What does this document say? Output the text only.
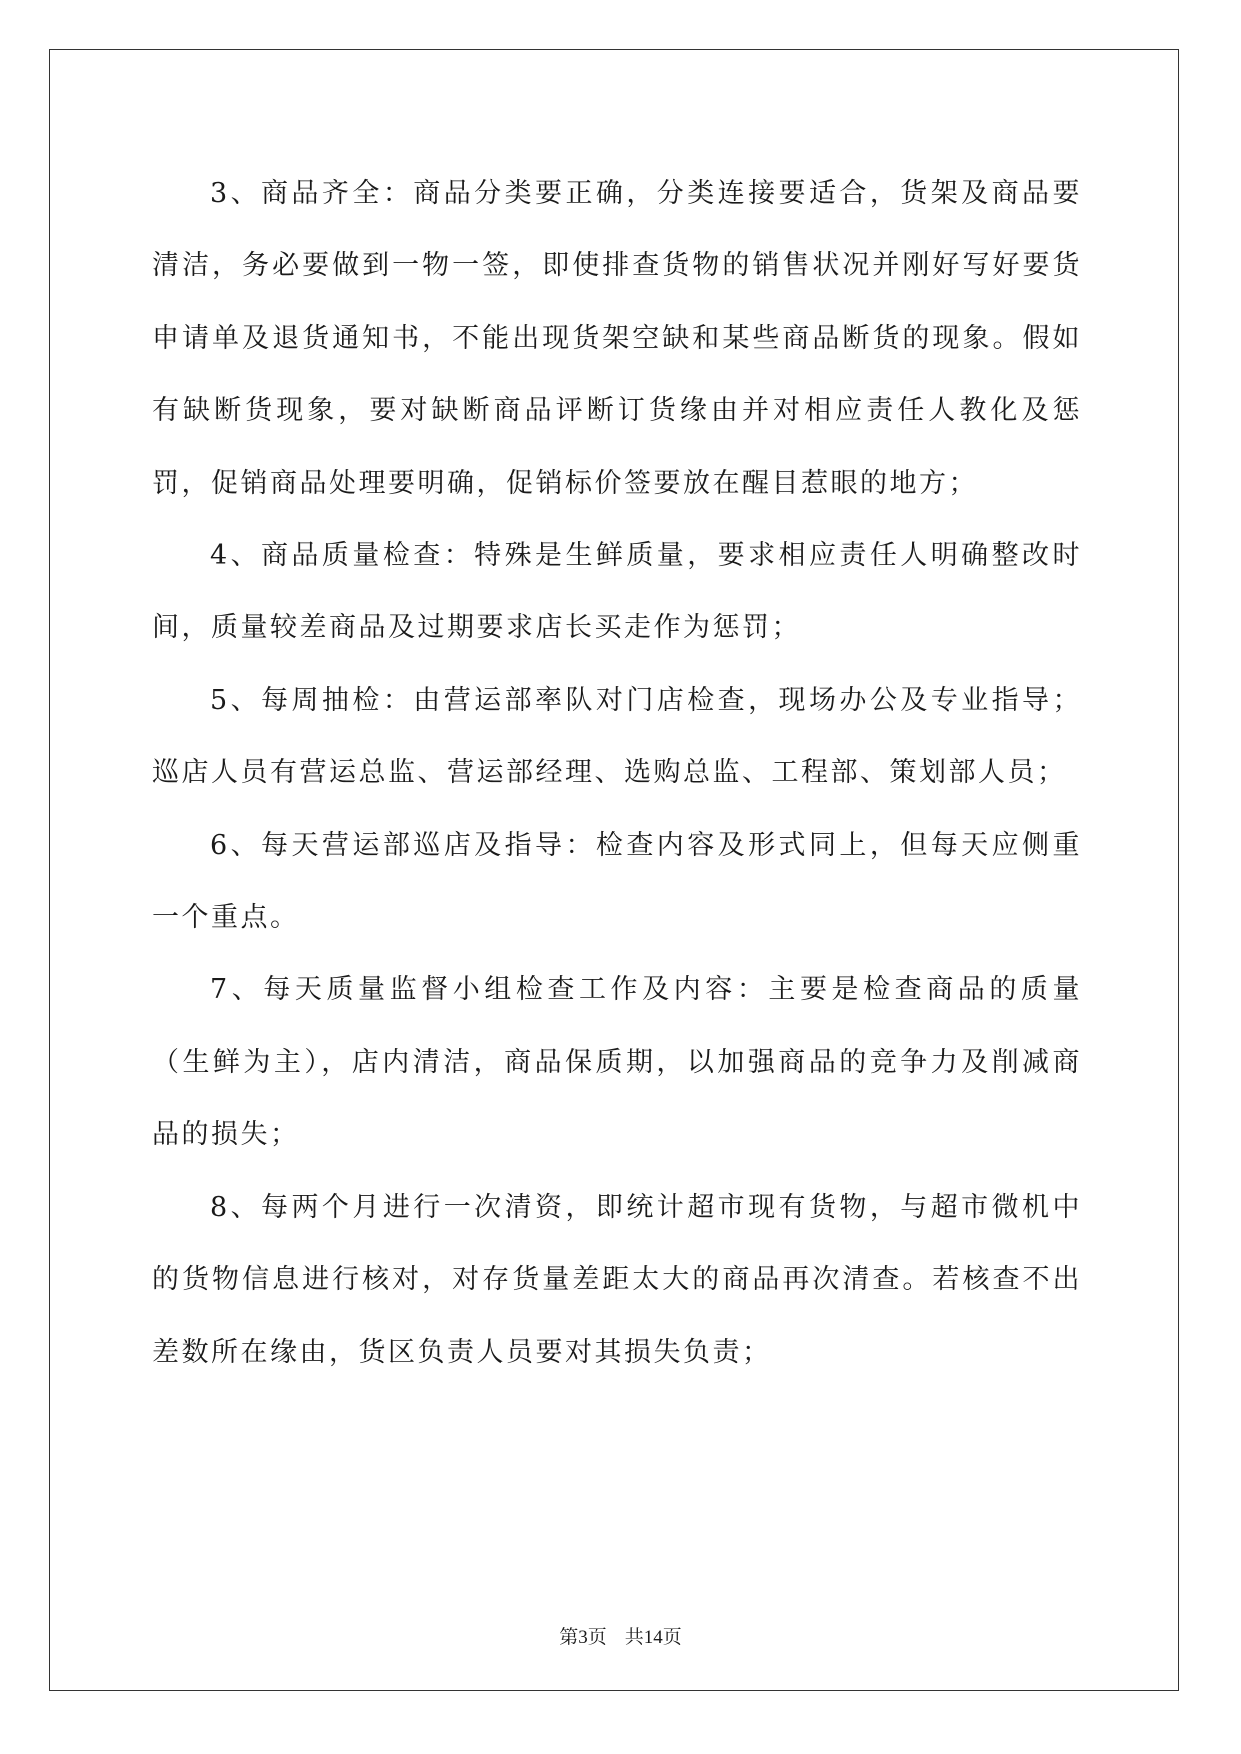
3、商品齐全：商品分类要正确，分类连接要适合，货架及商品要清洁，务必要做到一物一签，即使排查货物的销售状况并刚好写好要货申请单及退货通知书，不能出现货架空缺和某些商品断货的现象。假如有缺断货现象，要对缺断商品评断订货缘由并对相应责任人教化及惩罚，促销商品处理要明确，促销标价签要放在醒目惹眼的地方；

4、商品质量检查：特殊是生鲜质量，要求相应责任人明确整改时间，质量较差商品及过期要求店长买走作为惩罚；

5、每周抽检：由营运部率队对门店检查，现场办公及专业指导；巡店人员有营运总监、营运部经理、选购总监、工程部、策划部人员；

6、每天营运部巡店及指导：检查内容及形式同上，但每天应侧重一个重点。

7、每天质量监督小组检查工作及内容：主要是检查商品的质量（生鲜为主），店内清洁，商品保质期，以加强商品的竞争力及削减商品的损失；

8、每两个月进行一次清资，即统计超市现有货物，与超市微机中的货物信息进行核对，对存货量差距太大的商品再次清查。若核查不出差数所在缘由，货区负责人员要对其损失负责；

第3页 共14页
